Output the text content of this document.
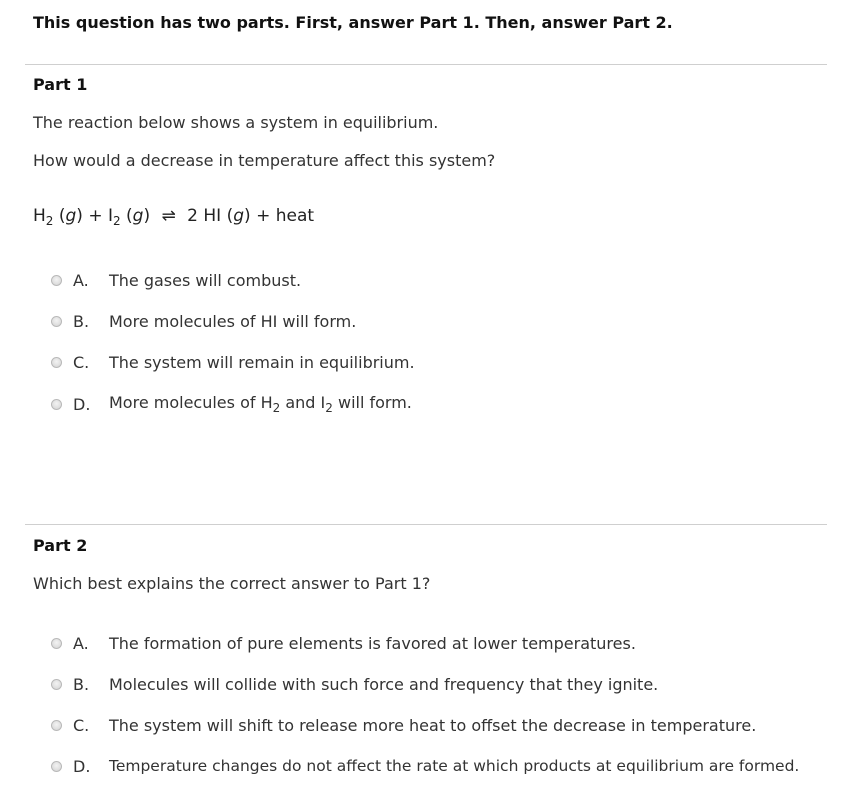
This question has two parts. First, answer Part 1. Then, answer Part 2.
Part 1
The reaction below shows a system in equilibrium.
How would a decrease in temperature affect this system?
$H_2$ $(g) + I_2$ (g) ⇌ 2 HI (g) + heat
A. The gases will combust.
B. More molecules of HI will form.
C. The system will remain in equilibrium.
D. More molecules of $H_2$ and $I_2$ will form.
Part 2
Which best explains the correct answer to Part 1?
A. The formation of pure elements is favored at lower temperatures.
B. Molecules will collide with such force and frequency that they ignite.
C. The system will shift to release more heat to offset the decrease in temperature.
D. Temperature changes do not affect the rate at which products at equilibrium are formed.
